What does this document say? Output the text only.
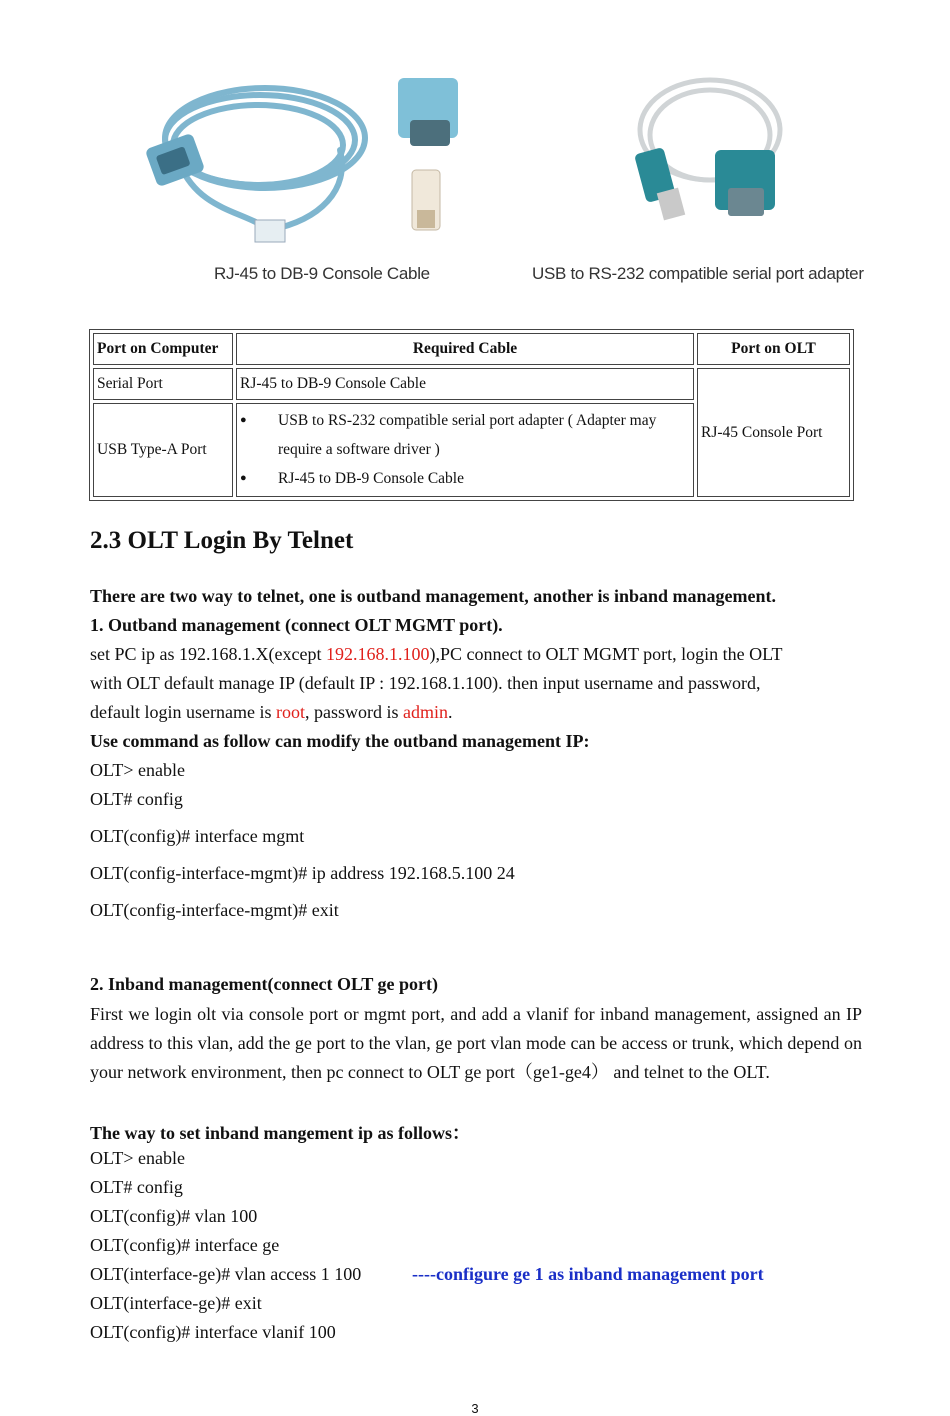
RJ-45 to DB-9 Console Cable	USB to RS-232 compatible serial port adapter
Port on Computer	Required Cable	Port on OLT
Serial Port	RJ-45 to DB-9 Console Cable	RJ-45 Console Port
USB Type-A Port	● USB to RS-232 compatible serial port adapter ( Adapter may
require a software driver )
● RJ-45 to DB-9 Console Cable	
2.3 OLT Login By Telnet
There are two way to telnet, one is outband management, another is inband management.
1. Outband management (connect OLT MGMT port).
set PC ip as 192.168.1.X(except 192.168.1.100),PC connect to OLT MGMT port, login the OLT
with OLT default manage IP (default IP : 192.168.1.100). then input username and password,
default login username is root, password is admin.
Use command as follow can modify the outband management IP:
OLT> enable
OLT# config
OLT(config)# interface mgmt
OLT(config-interface-mgmt)# ip address 192.168.5.100 24
OLT(config-interface-mgmt)# exit
2. Inband management(connect OLT ge port)
First we login olt via console port or mgmt port, and add a vlanif for inband management, assigned an IP address to this vlan, add the ge port to the vlan, ge port vlan mode can be access or trunk, which depend on your network environment, then pc connect to OLT ge port（ge1-ge4） and telnet to the OLT.
The way to set inband mangement ip as follows：
OLT> enable
OLT# config
OLT(config)# vlan 100
OLT(config)# interface ge
OLT(interface-ge)# vlan access 1 100	----configure ge 1 as inband management port
OLT(interface-ge)# exit
OLT(config)# interface vlanif 100
3
